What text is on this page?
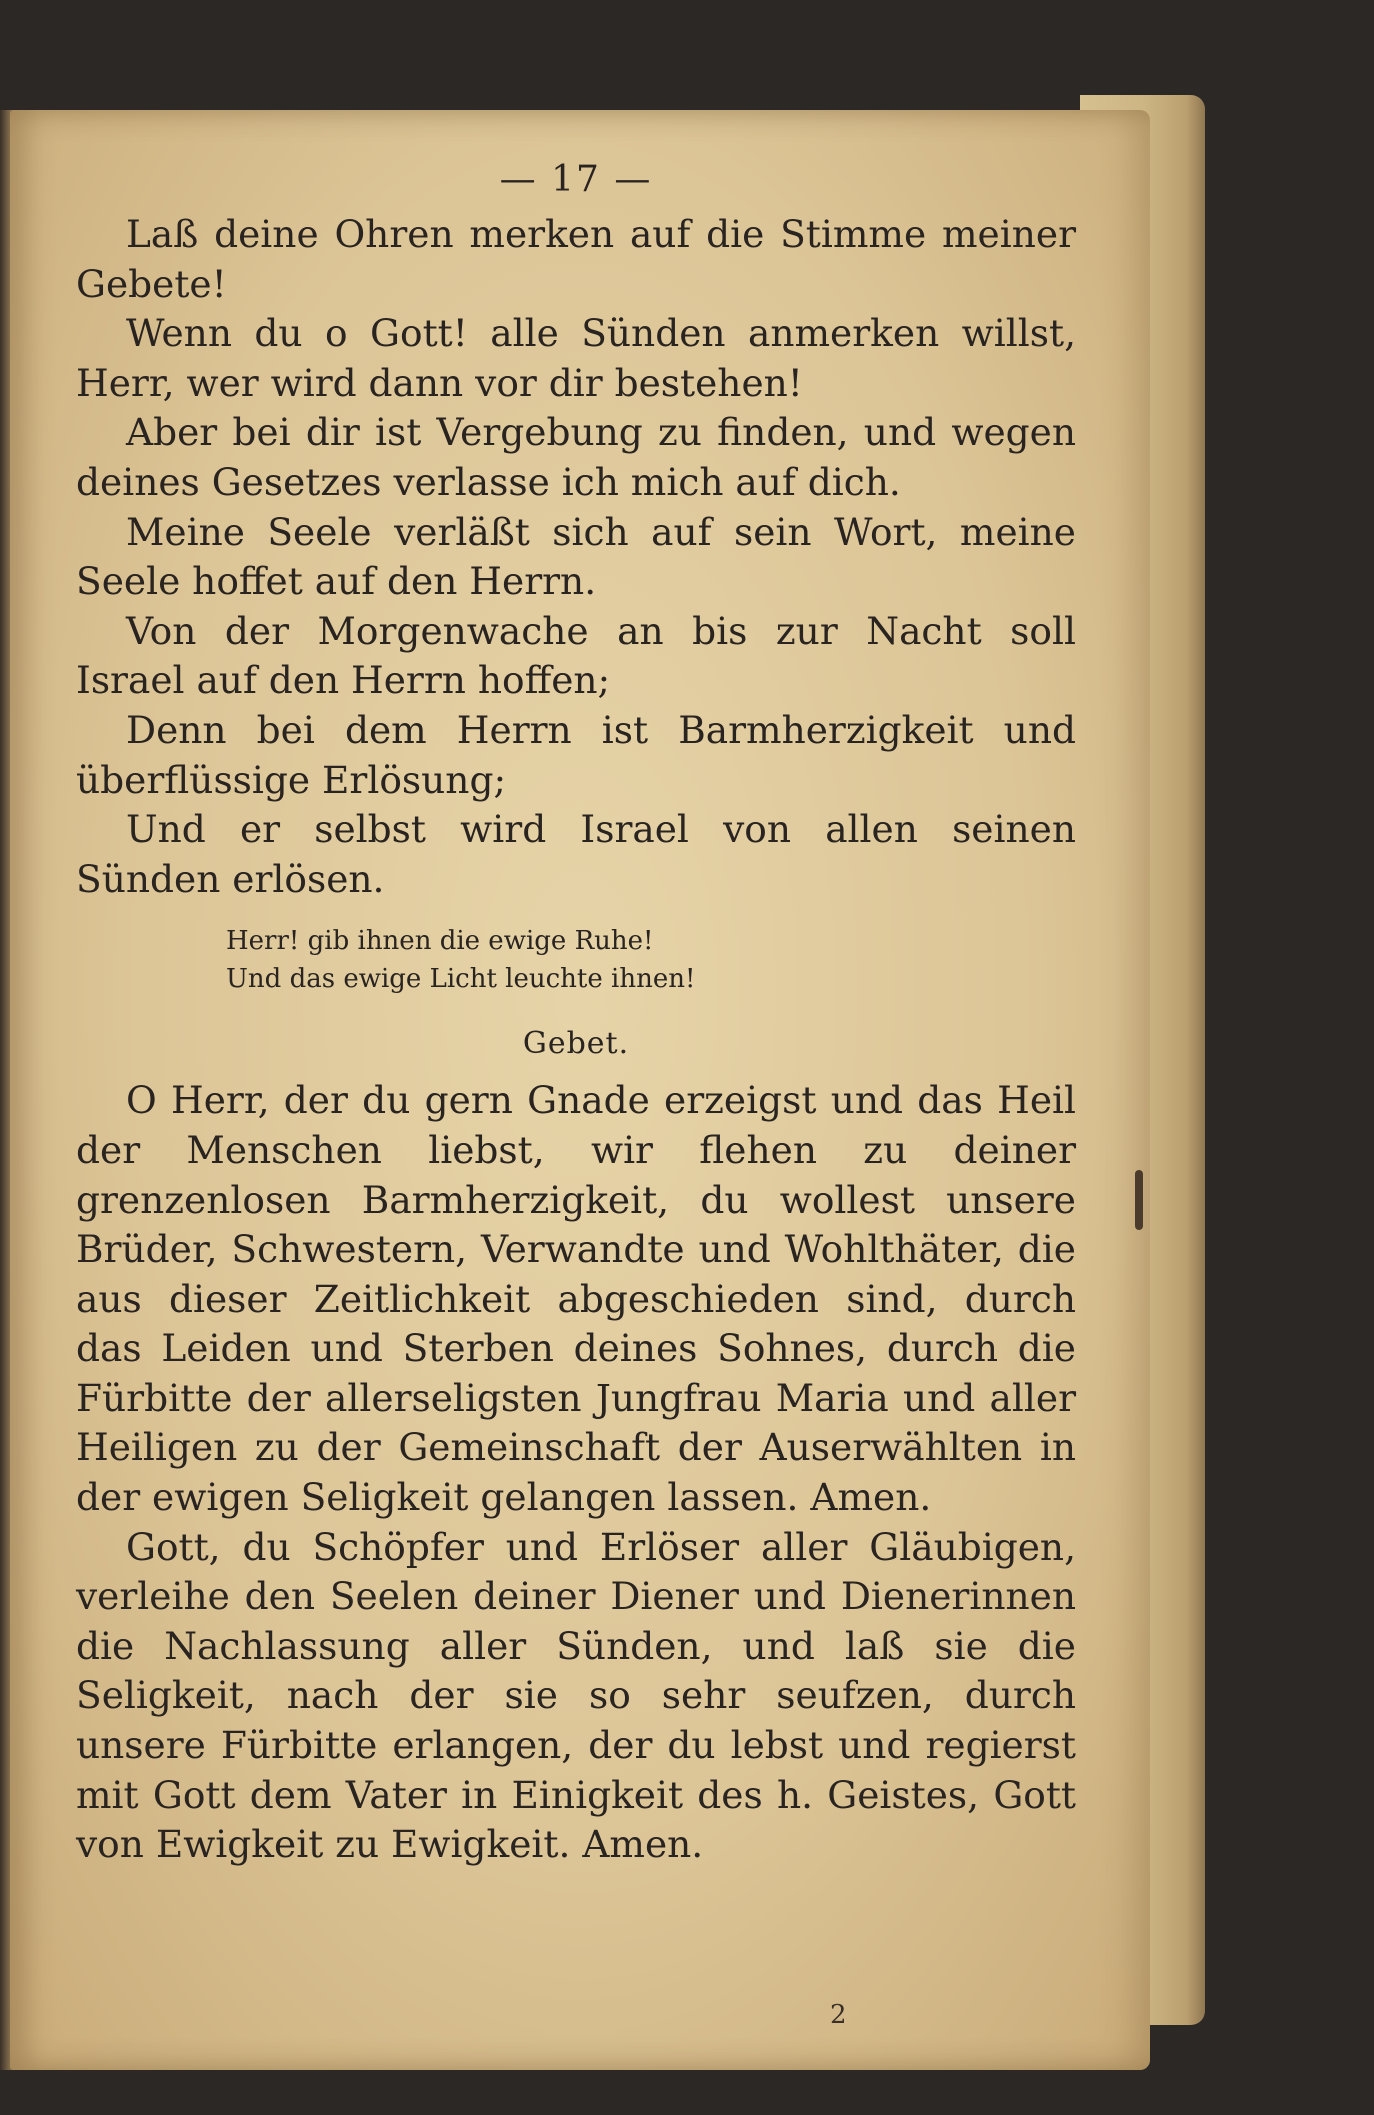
— 17 —

Laß deine Ohren merken auf die Stimme meiner Gebete!

Wenn du o Gott! alle Sünden anmerken willst, Herr, wer wird dann vor dir bestehen!

Aber bei dir ist Vergebung zu finden, und wegen deines Gesetzes verlasse ich mich auf dich.

Meine Seele verläßt sich auf sein Wort, meine Seele hoffet auf den Herrn.

Von der Morgenwache an bis zur Nacht soll Israel auf den Herrn hoffen;

Denn bei dem Herrn ist Barmherzigkeit und überflüssige Erlösung;

Und er selbst wird Israel von allen seinen Sünden erlösen.

Herr! gib ihnen die ewige Ruhe!

Und das ewige Licht leuchte ihnen!

Gebet.

O Herr, der du gern Gnade erzeigst und das Heil der Menschen liebst, wir flehen zu deiner grenzenlosen Barmherzigkeit, du wollest unsere Brüder, Schwestern, Verwandte und Wohlthäter, die aus dieser Zeitlichkeit abgeschieden sind, durch das Leiden und Sterben deines Sohnes, durch die Fürbitte der allerseligsten Jungfrau Maria und aller Heiligen zu der Gemeinschaft der Auserwählten in der ewigen Seligkeit gelangen lassen. Amen.

Gott, du Schöpfer und Erlöser aller Gläubigen, verleihe den Seelen deiner Diener und Dienerinnen die Nachlassung aller Sünden, und laß sie die Seligkeit, nach der sie so sehr seufzen, durch unsere Fürbitte erlangen, der du lebst und regierst mit Gott dem Vater in Einigkeit des h. Geistes, Gott von Ewigkeit zu Ewigkeit. Amen.

2
